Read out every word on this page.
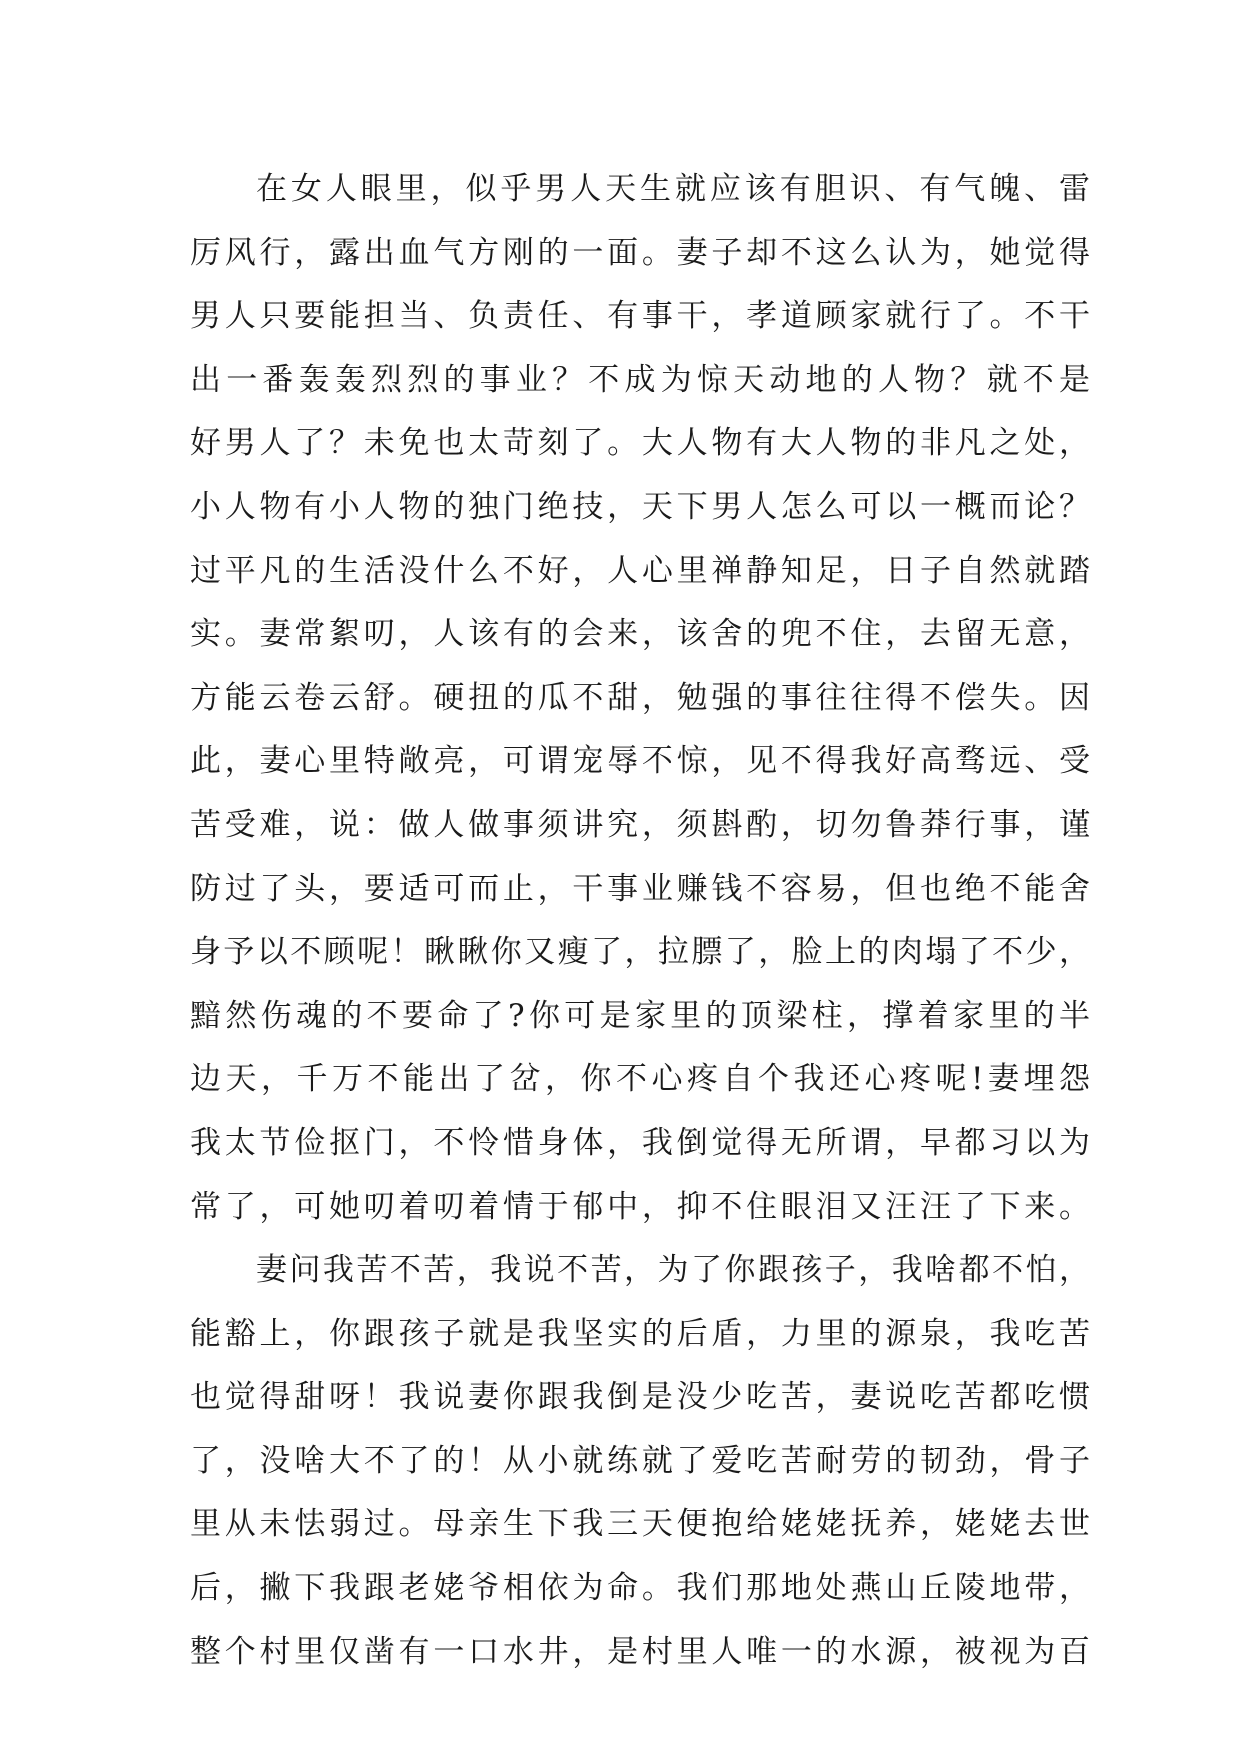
在女人眼里，似乎男人天生就应该有胆识、有气魄、雷
厉风行，露出血气方刚的一面。妻子却不这么认为，她觉得
男人只要能担当、负责任、有事干，孝道顾家就行了。不干
出一番轰轰烈烈的事业？不成为惊天动地的人物？就不是
好男人了？未免也太苛刻了。大人物有大人物的非凡之处，
小人物有小人物的独门绝技，天下男人怎么可以一概而论？
过平凡的生活没什么不好，人心里禅静知足，日子自然就踏
实。妻常絮叨，人该有的会来，该舍的兜不住，去留无意，
方能云卷云舒。硬扭的瓜不甜，勉强的事往往得不偿失。因
此，妻心里特敞亮，可谓宠辱不惊，见不得我好高骛远、受
苦受难，说：做人做事须讲究，须斟酌，切勿鲁莽行事，谨
防过了头，要适可而止，干事业赚钱不容易，但也绝不能舍
身予以不顾呢！瞅瞅你又瘦了，拉膘了，脸上的肉塌了不少，
黯然伤魂的不要命了?你可是家里的顶梁柱，撑着家里的半
边天，千万不能出了岔，你不心疼自个我还心疼呢!妻埋怨
我太节俭抠门，不怜惜身体，我倒觉得无所谓，早都习以为
常了，可她叨着叨着情于郁中，抑不住眼泪又汪汪了下来。
妻问我苦不苦，我说不苦，为了你跟孩子，我啥都不怕，
能豁上，你跟孩子就是我坚实的后盾，力里的源泉，我吃苦
也觉得甜呀！我说妻你跟我倒是没少吃苦，妻说吃苦都吃惯
了，没啥大不了的！从小就练就了爱吃苦耐劳的韧劲，骨子
里从未怯弱过。母亲生下我三天便抱给姥姥抚养，姥姥去世
后，撇下我跟老姥爷相依为命。我们那地处燕山丘陵地带，
整个村里仅凿有一口水井，是村里人唯一的水源，被视为百
